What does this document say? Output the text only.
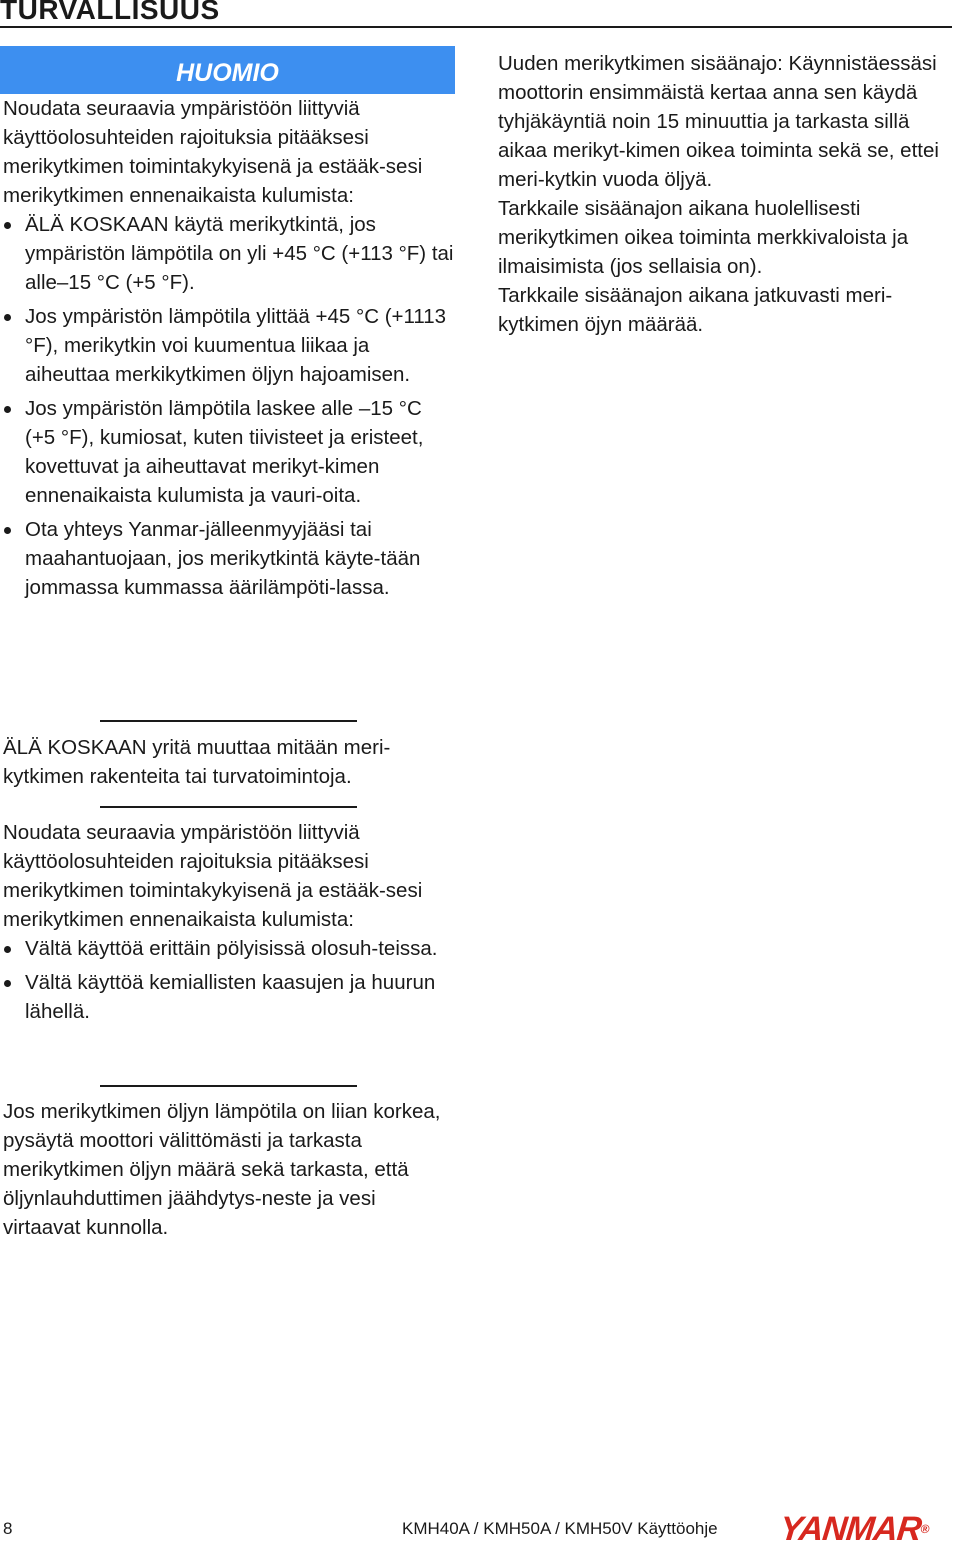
TURVALLISUUS
HUOMIO

Noudata seuraavia ympäristöön liittyviä käyttöolosuhteiden rajoituksia pitääksesi merikytkimen toimintakykyisenä ja estääk-sesi merikytkimen ennenaikaista kulumista:

ÄLÄ KOSKAAN käytä merikytkintä, jos ympäristön lämpötila on yli +45 °C (+113 °F) tai alle–15 °C (+5 °F).
Jos ympäristön lämpötila ylittää +45 °C (+1113 °F), merikytkin voi kuumentua liikaa ja aiheuttaa merkikytkimen öljyn hajoamisen.
Jos ympäristön lämpötila laskee alle –15 °C (+5 °F), kumiosat, kuten tiivisteet ja eristeet, kovettuvat ja aiheuttavat merikyt-kimen ennenaikaista kulumista ja vauri-oita.
Ota yhteys Yanmar-jälleenmyyjääsi tai maahantuojaan, jos merikytkintä käyte-tään jommassa kummassa äärilämpöti-lassa.

ÄLÄ KOSKAAN yritä muuttaa mitään meri-kytkimen rakenteita tai turvatoimintoja.

Noudata seuraavia ympäristöön liittyviä käyttöolosuhteiden rajoituksia pitääksesi merikytkimen toimintakykyisenä ja estääk-sesi merikytkimen ennenaikaista kulumista:

Vältä käyttöä erittäin pölyisissä olosuh-teissa.
Vältä käyttöä kemiallisten kaasujen ja huurun lähellä.

Jos merikytkimen öljyn lämpötila on liian korkea, pysäytä moottori välittömästi ja tarkasta merikytkimen öljyn määrä sekä tarkasta, että öljynlauhduttimen jäähdytys-neste ja vesi virtaavat kunnolla.

Uuden merikytkimen sisäänajo: Käynnistäessäsi moottorin ensimmäistä kertaa anna sen käydä tyhjäkäyntiä noin 15 minuuttia ja tarkasta sillä aikaa merikyt-kimen oikea toiminta sekä se, ettei meri-kytkin vuoda öljyä.

Tarkkaile sisäänajon aikana huolellisesti merikytkimen oikea toiminta merkkivaloista ja ilmaisimista (jos sellaisia on).

Tarkkaile sisäänajon aikana jatkuvasti meri-kytkimen öjyn määrää.

8	KMH40A / KMH50A / KMH50V Käyttöohje YANMAR®
